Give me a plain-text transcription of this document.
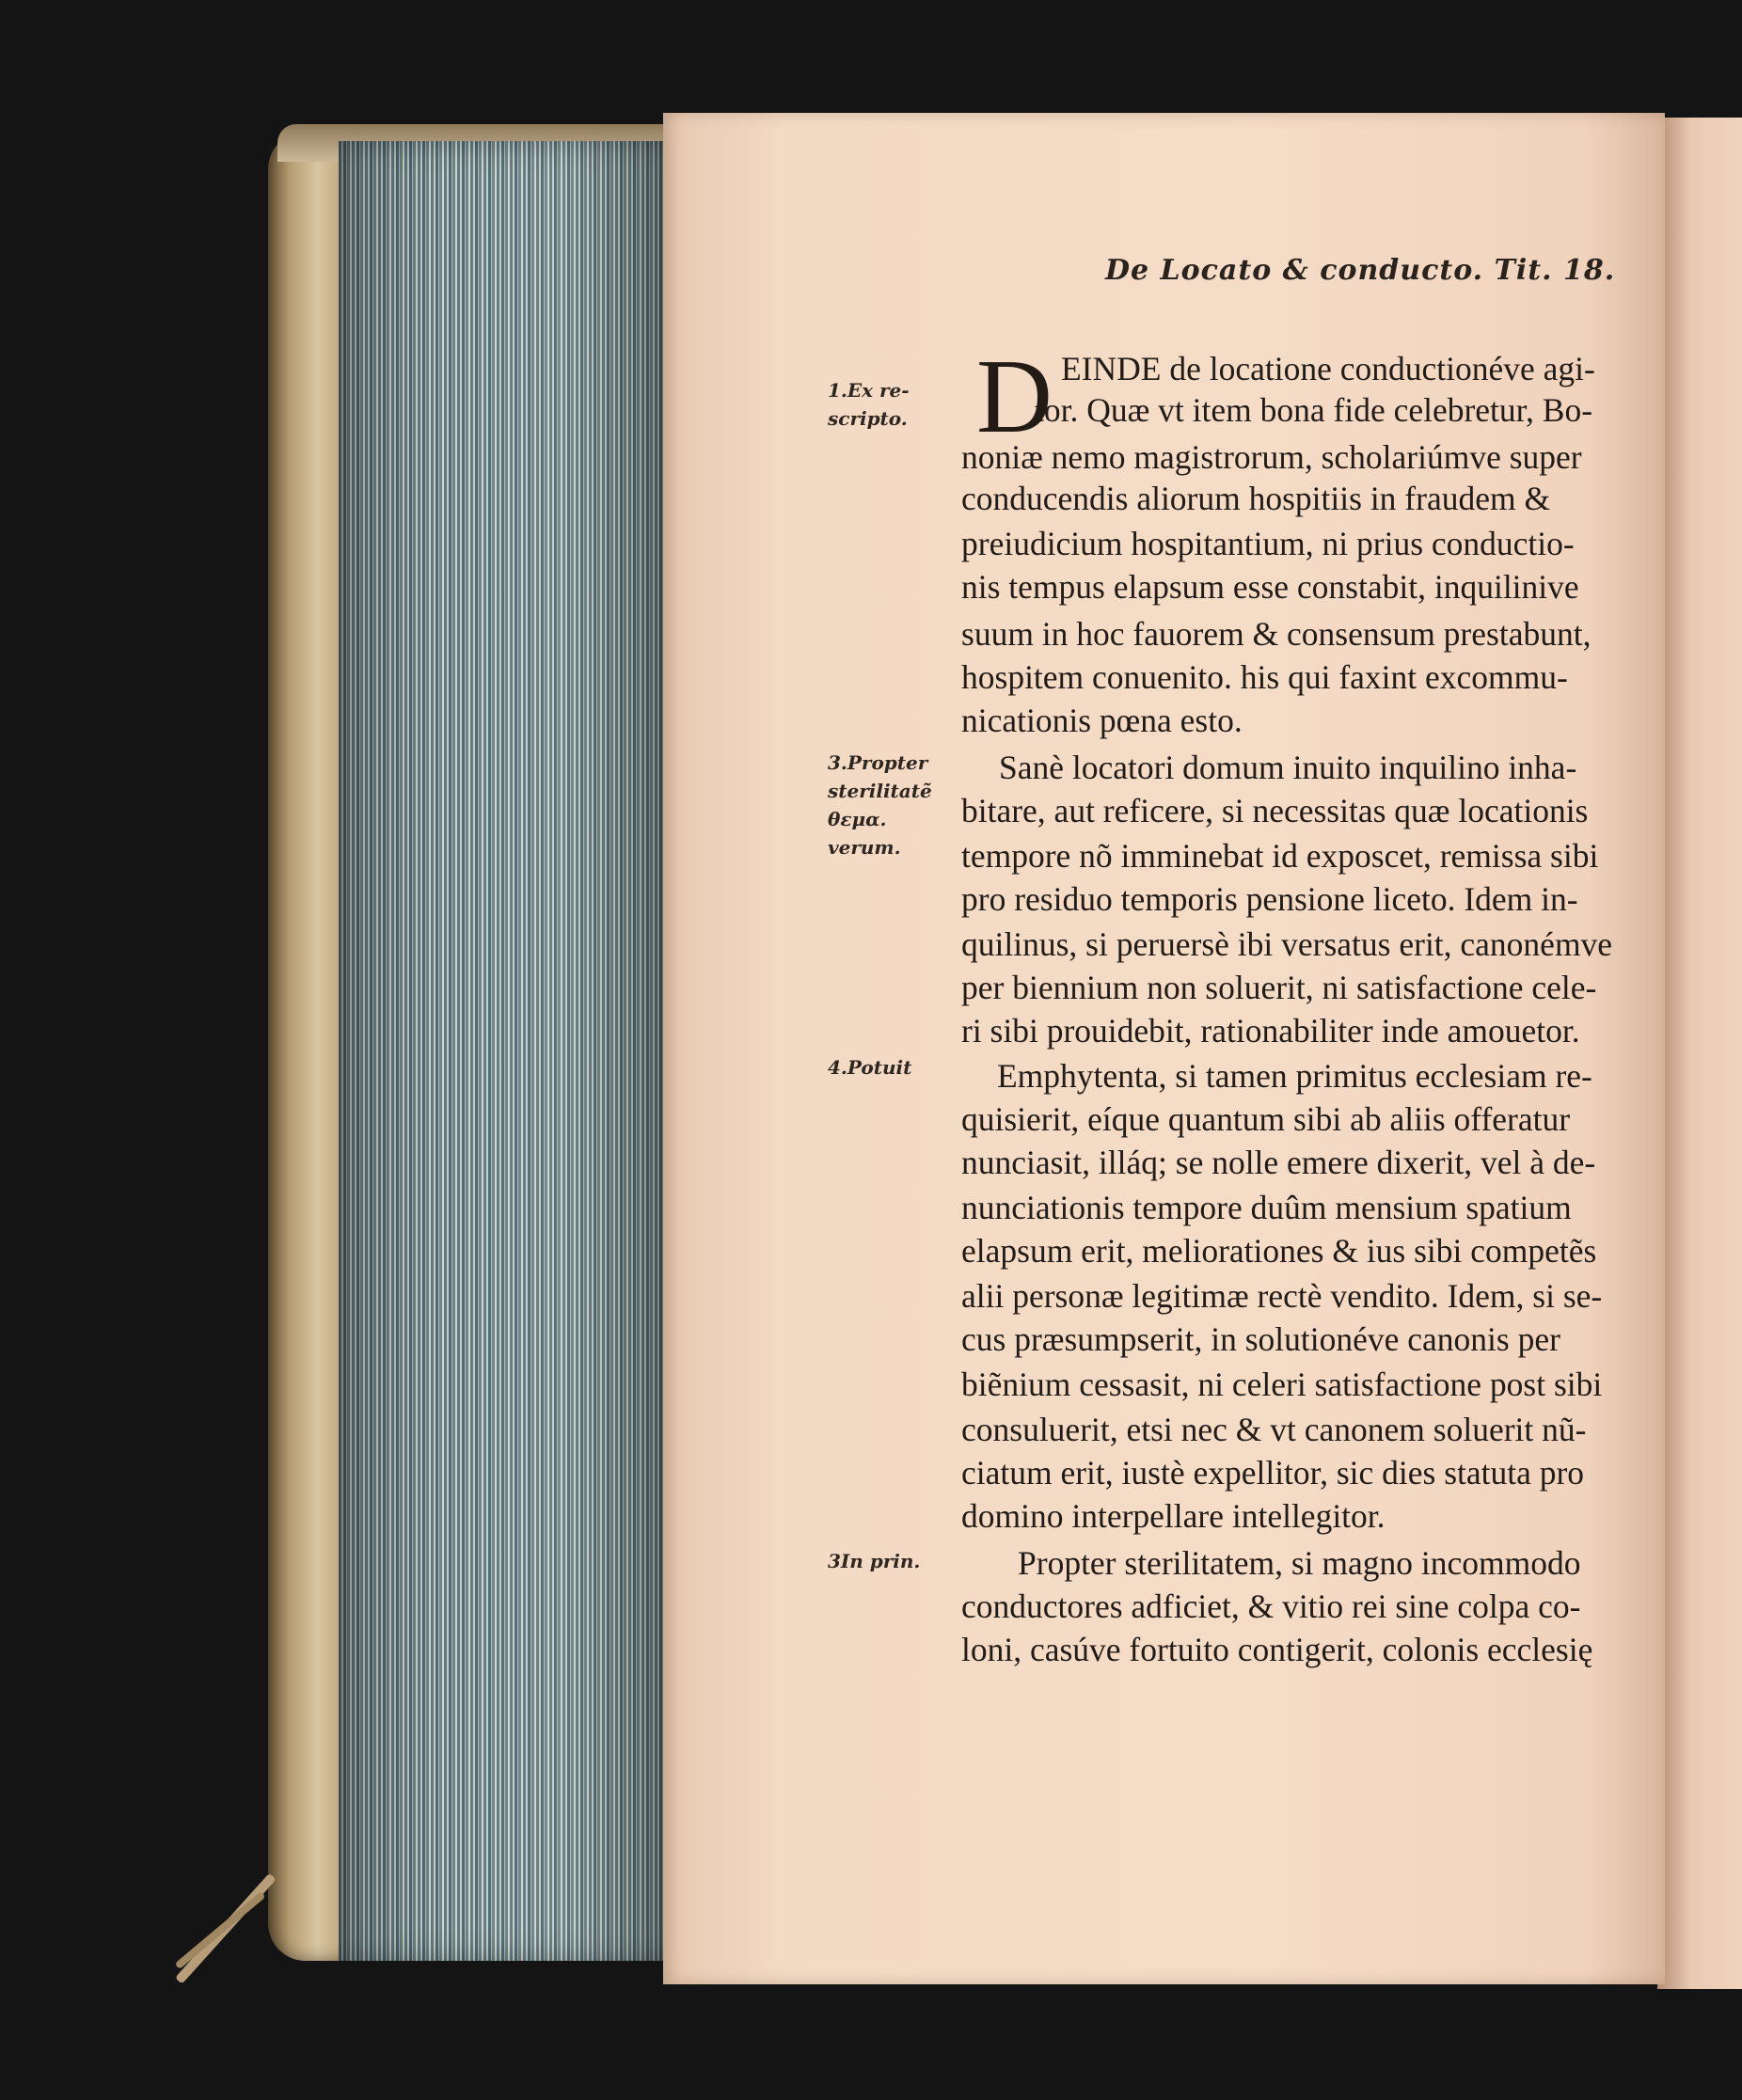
De Locato & conducto. Tit. 18.
1.Ex re-
scripto.
3.Propter
sterilitatẽ
θεμα.
verum.
4.Potuit
3In prin.
D EINDE de locatione conductionéve agi-
tor. Quæ vt item bona fide celebretur, Bo-
noniæ nemo magistrorum, scholariúmve super
conducendis aliorum hospitiis in fraudem &
preiudicium hospitantium, ni prius conductio-
nis tempus elapsum esse constabit, inquilinive
suum in hoc fauorem & consensum prestabunt,
hospitem conuenito. his qui faxint excommu-
nicationis pœna esto.
Sanè locatori domum inuito inquilino inha-
bitare, aut reficere, si necessitas quæ locationis
tempore nõ imminebat id exposcet, remissa sibi
pro residuo temporis pensione liceto. Idem in-
quilinus, si peruersè ibi versatus erit, canonémve
per biennium non soluerit, ni satisfactione cele-
ri sibi prouidebit, rationabiliter inde amouetor.
Emphytenta, si tamen primitus ecclesiam re-
quisierit, eíque quantum sibi ab aliis offeratur
nunciasit, illáq; se nolle emere dixerit, vel à de-
nunciationis tempore duûm mensium spatium
elapsum erit, meliorationes & ius sibi competẽs
alii personæ legitimæ rectè vendito. Idem, si se-
cus præsumpserit, in solutionéve canonis per
biẽnium cessasit, ni celeri satisfactione post sibi
consuluerit, etsi nec & vt canonem soluerit nũ-
ciatum erit, iustè expellitor, sic dies statuta pro
domino interpellare intellegitor.
Propter sterilitatem, si magno incommodo
conductores adficiet, & vitio rei sine colpa co-
loni, casúve fortuito contigerit, colonis ecclesię
